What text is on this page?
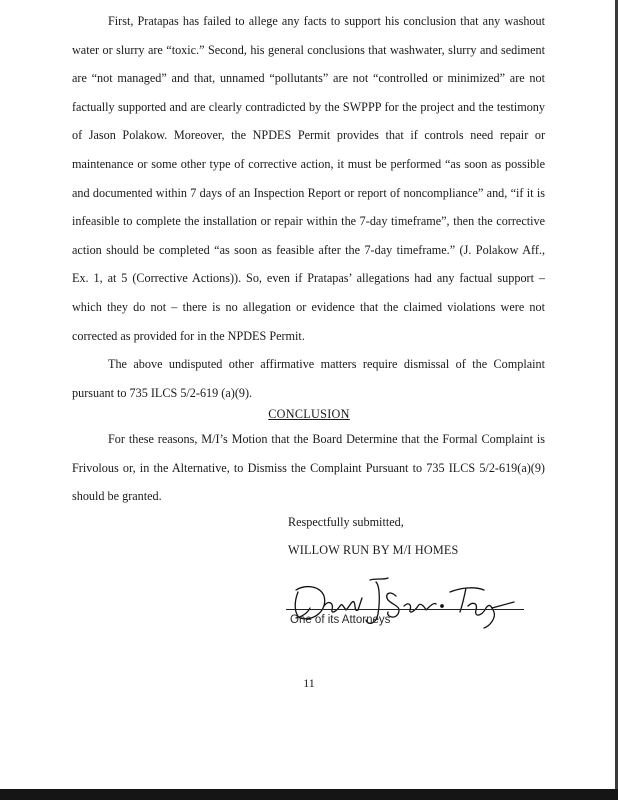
First, Pratapas has failed to allege any facts to support his conclusion that any washout water or slurry are “toxic.” Second, his general conclusions that washwater, slurry and sediment are “not managed” and that, unnamed “pollutants” are not “controlled or minimized” are not factually supported and are clearly contradicted by the SWPPP for the project and the testimony of Jason Polakow. Moreover, the NPDES Permit provides that if controls need repair or maintenance or some other type of corrective action, it must be performed “as soon as possible and documented within 7 days of an Inspection Report or report of noncompliance” and, “if it is infeasible to complete the installation or repair within the 7-day timeframe”, then the corrective action should be completed “as soon as feasible after the 7-day timeframe.” (J. Polakow Aff., Ex. 1, at 5 (Corrective Actions)). So, even if Pratapas’ allegations had any factual support – which they do not – there is no allegation or evidence that the claimed violations were not corrected as provided for in the NPDES Permit.

The above undisputed other affirmative matters require dismissal of the Complaint pursuant to 735 ILCS 5/2-619 (a)(9).

CONCLUSION

For these reasons, M/I’s Motion that the Board Determine that the Formal Complaint is Frivolous or, in the Alternative, to Dismiss the Complaint Pursuant to 735 ILCS 5/2-619(a)(9) should be granted.

Respectfully submitted,
WILLOW RUN BY M/I HOMES
One of its Attorneys
11
